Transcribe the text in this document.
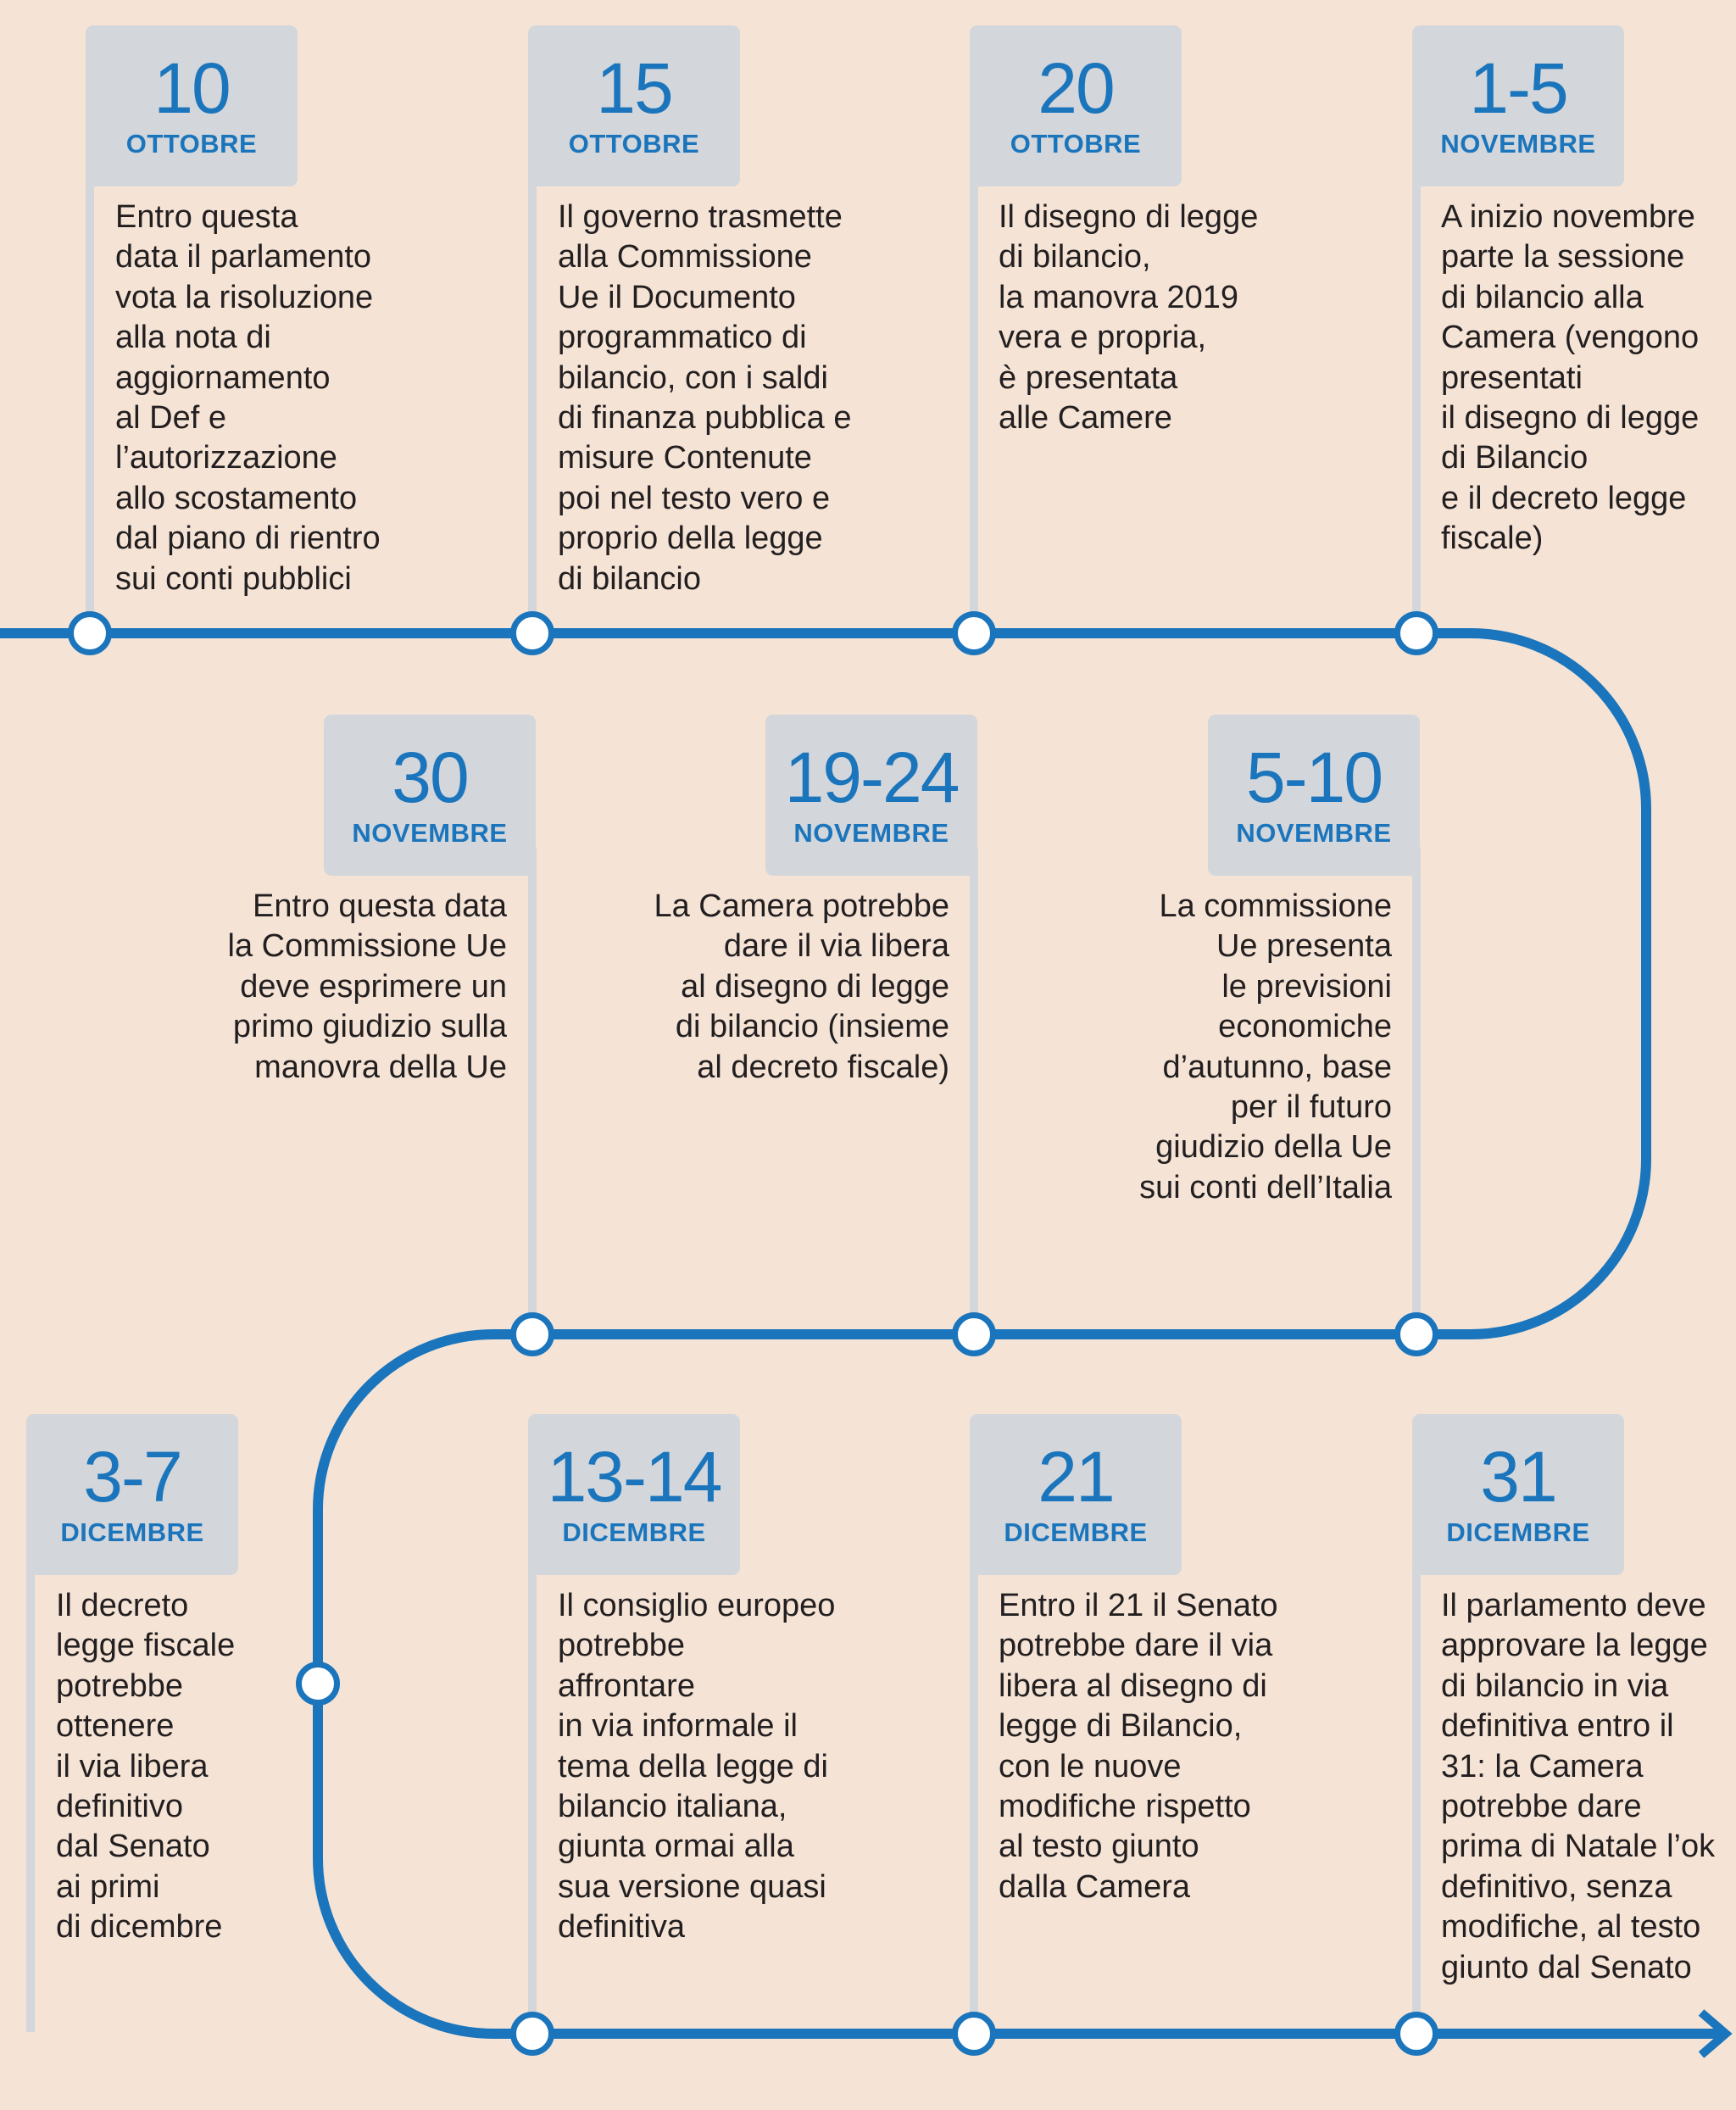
10
OTTOBRE
Entro questa
data il parlamento
vota la risoluzione
alla nota di
aggiornamento
al Def e
l’autorizzazione
allo scostamento
dal piano di rientro
sui conti pubblici
15
OTTOBRE
Il governo trasmette
alla Commissione
Ue il Documento
programmatico di
bilancio, con i saldi
di finanza pubblica e
misure Contenute
poi nel testo vero e
proprio della legge
di bilancio
20
OTTOBRE
Il disegno di legge
di bilancio,
la manovra 2019
vera e propria,
è presentata
alle Camere
1-5
NOVEMBRE
A inizio novembre
parte la sessione
di bilancio alla
Camera (vengono
presentati
il disegno di legge
di Bilancio
e il decreto legge
fiscale)
5-10
NOVEMBRE
La commissione
Ue presenta
le previsioni
economiche
d’autunno, base
per il futuro
giudizio della Ue
sui conti dell’Italia
19-24
NOVEMBRE
La Camera potrebbe
dare il via libera
al disegno di legge
di bilancio (insieme
al decreto fiscale)
30
NOVEMBRE
Entro questa data
la Commissione Ue
deve esprimere un
primo giudizio sulla
manovra della Ue
3-7
DICEMBRE
Il decreto
legge fiscale
potrebbe
ottenere
il via libera
definitivo
dal Senato
ai primi
di dicembre
13-14
DICEMBRE
Il consiglio europeo
potrebbe
affrontare
in via informale il
tema della legge di
bilancio italiana,
giunta ormai alla
sua versione quasi
definitiva
21
DICEMBRE
Entro il 21 il Senato
potrebbe dare il via
libera al disegno di
legge di Bilancio,
con le nuove
modifiche rispetto
al testo giunto
dalla Camera
31
DICEMBRE
Il parlamento deve
approvare la legge
di bilancio in via
definitiva entro il
31: la Camera
potrebbe dare
prima di Natale l’ok
definitivo, senza
modifiche, al testo
giunto dal Senato
